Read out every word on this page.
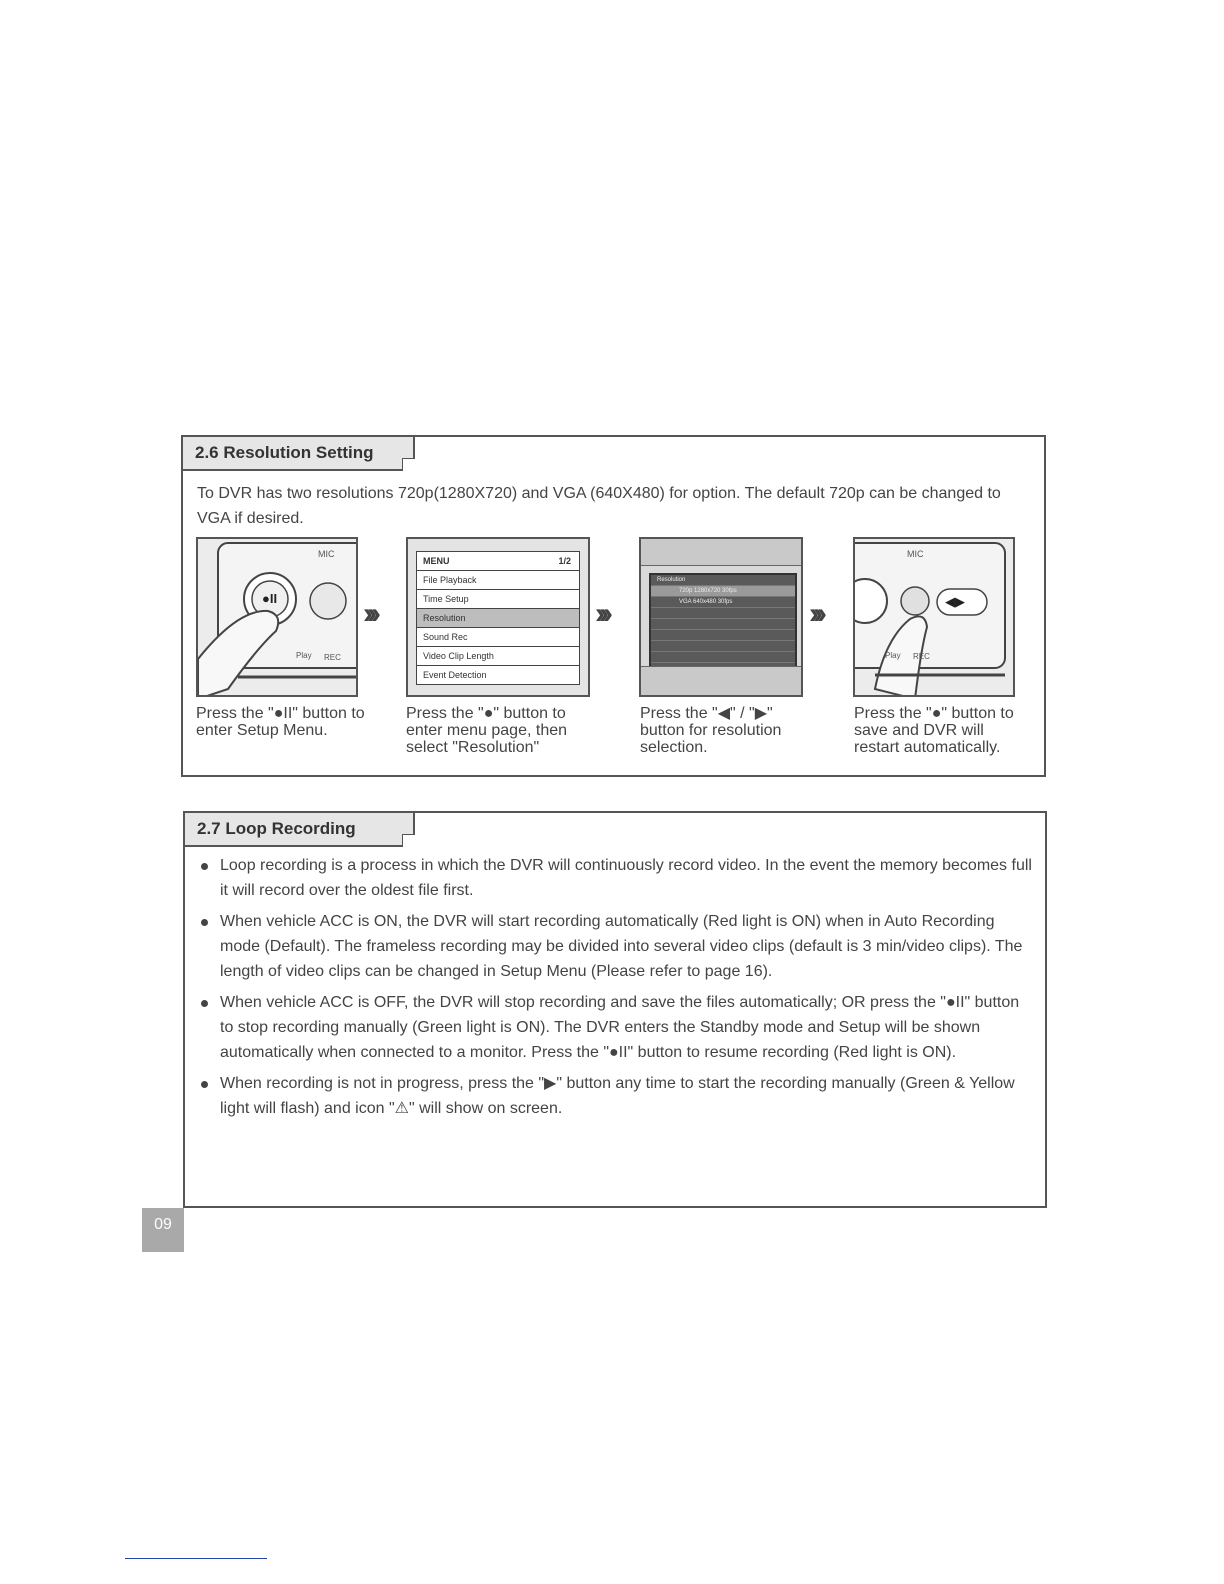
2.6 Resolution Setting
To DVR has two resolutions 720p(1280X720) and VGA (640X480) for option. The default 720p can be changed to VGA if desired.
MIC
Play REC
●II
MENU	1/2
File Playback
Time Setup
Resolution
Sound Rec
Video Clip Length
Event Detection
Resolution
720p 1280x720 30fps
VGA 640x480 30fps
MIC
Play REC
◀▶
Press the "●II" button to enter Setup Menu.
Press the "●" button to enter menu page, then select "Resolution"
Press the "◀" / "▶" button for resolution selection.
Press the "●" button to save and DVR will restart automatically.
2.7 Loop Recording
Loop recording is a process in which the DVR will continuously record video. In the event the memory becomes full it will record over the oldest file first.
When vehicle ACC is ON, the DVR will start recording automatically (Red light is ON) when in Auto Recording mode (Default). The frameless recording may be divided into several video clips (default is 3 min/video clips). The length of video clips can be changed in Setup Menu (Please refer to page 16).
When vehicle ACC is OFF, the DVR will stop recording and save the files automatically; OR press the "●II" button to stop recording manually (Green light is ON). The DVR enters the Standby mode and Setup will be shown automatically when connected to a monitor. Press the "●II" button to resume recording (Red light is ON).
When recording is not in progress, press the "▶" button any time to start the recording manually (Green & Yellow light will flash) and icon "⚠" will show on screen.
09
